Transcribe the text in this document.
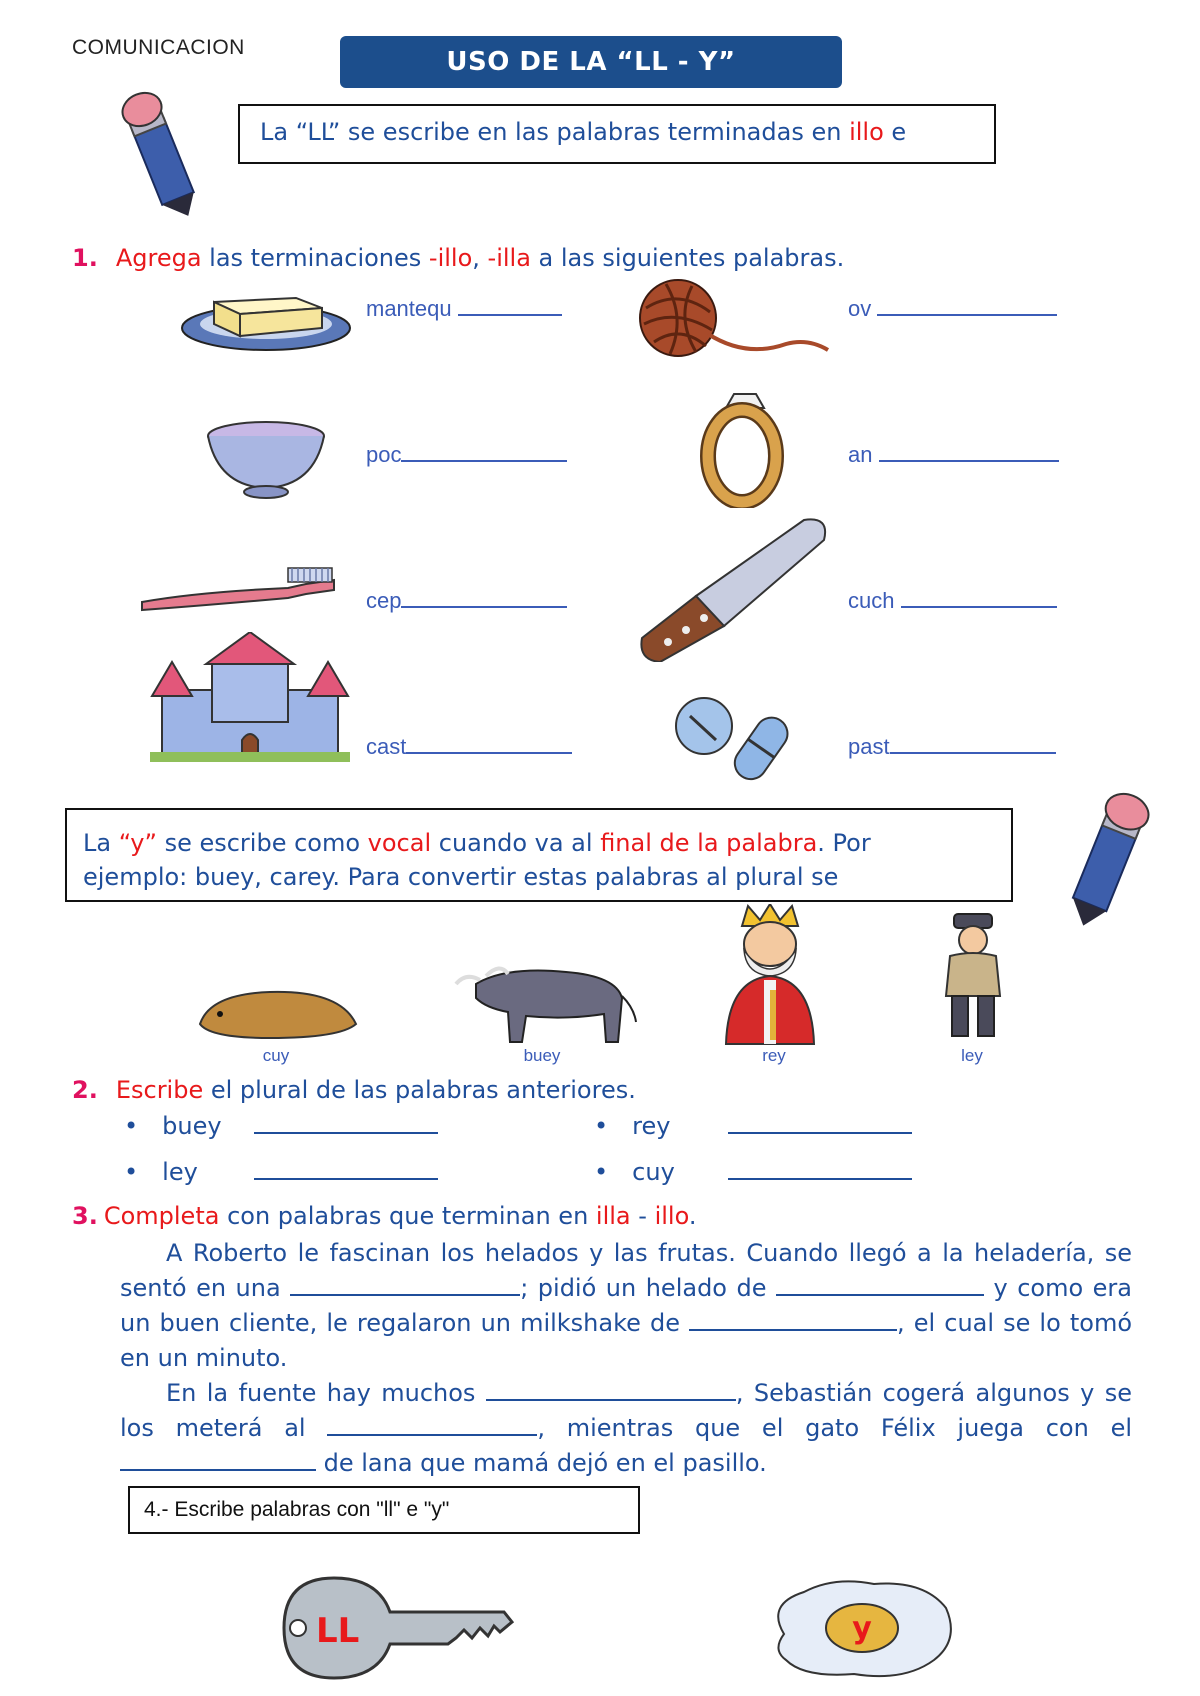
COMUNICACION	USO DE LA “LL - Y”
La “LL” se escribe en las palabras terminadas en illo e
1. Agrega las terminaciones -illo, -illa a las siguientes palabras.
mantequ
poc
cep
cast
ov
an
cuch
past
La “y” se escribe como vocal cuando va al final de la palabra. Por
ejemplo: buey, carey. Para convertir estas palabras al plural se
cuy	buey	rey	ley
2. Escribe el plural de las palabras anteriores.
• buey	• rey
• ley	• cuy
3. Completa con palabras que terminan en illa - illo.
A Roberto le fascinan los helados y las frutas. Cuando llegó a la heladería, se sentó en una	; pidió un helado de	y como era un buen cliente, le regalaron un milkshake de	, el cual se lo tomó en un minuto.
En la fuente hay muchos	, Sebastián cogerá algunos y se los meterá al	, mientras que el gato Félix juega con el  de lana que mamá dejó en el pasillo.
4.- Escribe palabras con "ll" e "y"
LL	y
